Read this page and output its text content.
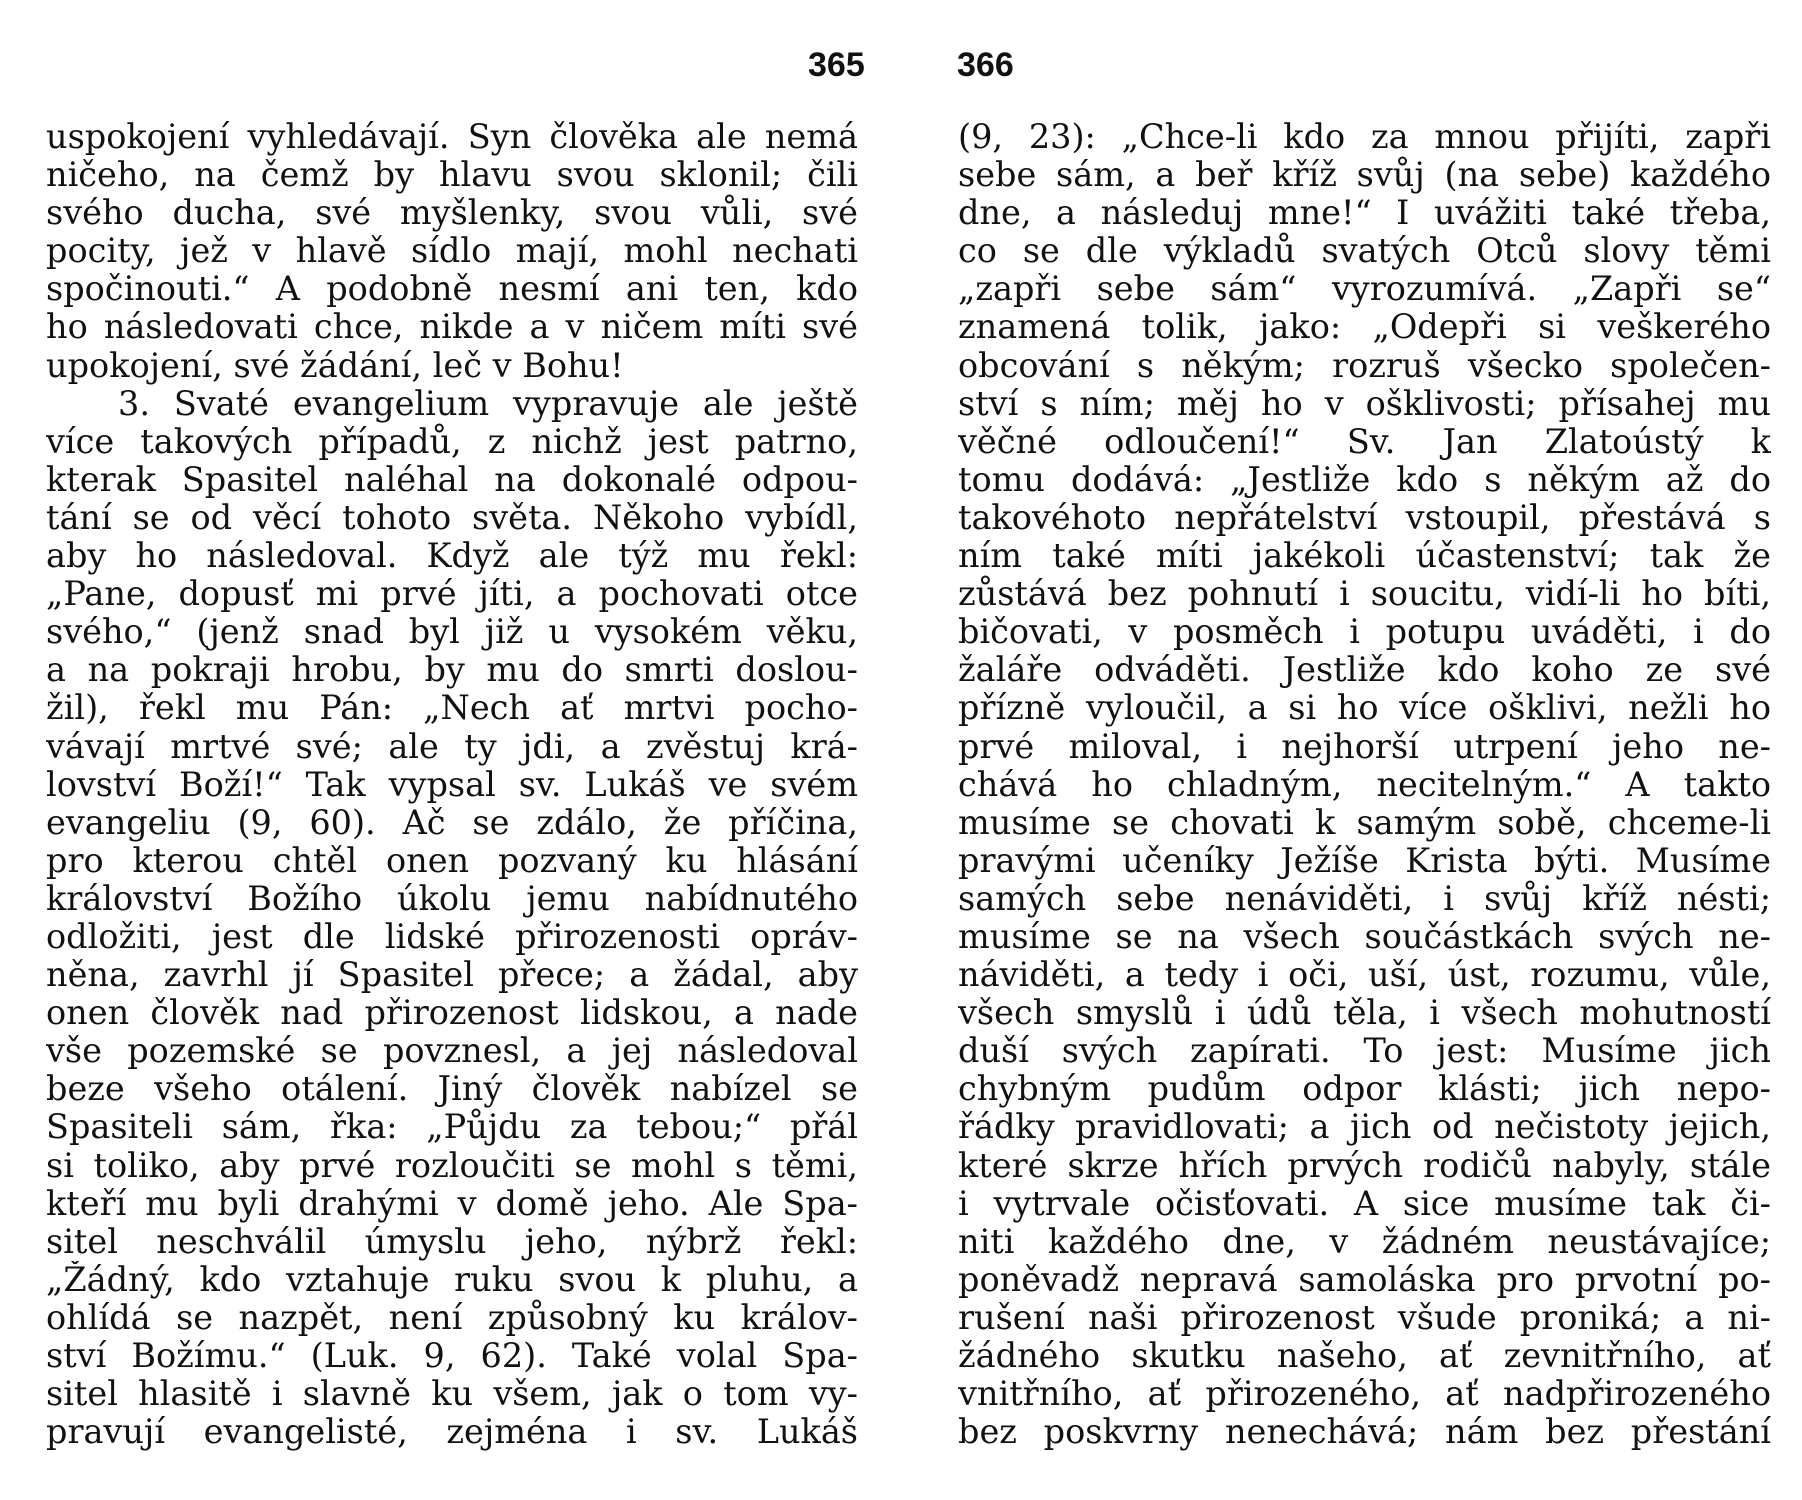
365
uspokojení vyhledávají. Syn člověka ale nemá
ničeho, na čemž by hlavu svou sklonil; čili
svého ducha, své myšlenky, svou vůli, své
pocity, jež v hlavě sídlo mají, mohl nechati
spočinouti.“ A podobně nesmí ani ten, kdo
ho následovati chce, nikde a v ničem míti své
upokojení, své žádání, leč v Bohu!
3. Svaté evangelium vypravuje ale ještě
více takových případů, z nichž jest patrno,
kterak Spasitel naléhal na dokonalé odpou-
tání se od věcí tohoto světa. Někoho vybídl,
aby ho následoval. Když ale týž mu řekl:
„Pane, dopusť mi prvé jíti, a pochovati otce
svého,“ (jenž snad byl již u vysokém věku,
a na pokraji hrobu, by mu do smrti doslou-
žil), řekl mu Pán: „Nech ať mrtvi pocho-
vávají mrtvé své; ale ty jdi, a zvěstuj krá-
lovství Boží!“ Tak vypsal sv. Lukáš ve svém
evangeliu (9, 60). Ač se zdálo, že příčina,
pro kterou chtěl onen pozvaný ku hlásání
království Božího úkolu jemu nabídnutého
odložiti, jest dle lidské přirozenosti opráv-
něna, zavrhl jí Spasitel přece; a žádal, aby
onen člověk nad přirozenost lidskou, a nade
vše pozemské se povznesl, a jej následoval
beze všeho otálení. Jiný člověk nabízel se
Spasiteli sám, řka: „Půjdu za tebou;“ přál
si toliko, aby prvé rozloučiti se mohl s těmi,
kteří mu byli drahými v domě jeho. Ale Spa-
sitel neschválil úmyslu jeho, nýbrž řekl:
„Žádný, kdo vztahuje ruku svou k pluhu, a
ohlídá se nazpět, není způsobný ku králov-
ství Božímu.“ (Luk. 9, 62). Také volal Spa-
sitel hlasitě i slavně ku všem, jak o tom vy-
pravují evangelisté, zejména i sv. Lukáš
366
(9, 23): „Chce-li kdo za mnou přijíti, zapři
sebe sám, a beř kříž svůj (na sebe) každého
dne, a následuj mne!“ I uvážiti také třeba,
co se dle výkladů svatých Otců slovy těmi
„zapři sebe sám“ vyrozumívá. „Zapři se“
znamená tolik, jako: „Odepři si veškerého
obcování s někým; rozruš všecko společen-
ství s ním; měj ho v ošklivosti; přísahej mu
věčné odloučení!“ Sv. Jan Zlatoústý k
tomu dodává: „Jestliže kdo s někým až do
takovéhoto nepřátelství vstoupil, přestává s
ním také míti jakékoli účastenství; tak že
zůstává bez pohnutí i soucitu, vidí-li ho bíti,
bičovati, v posměch i potupu uváděti, i do
žaláře odváděti. Jestliže kdo koho ze své
přízně vyloučil, a si ho více ošklivi, nežli ho
prvé miloval, i nejhorší utrpení jeho ne-
chává ho chladným, necitelným.“ A takto
musíme se chovati k samým sobě, chceme-li
pravými učeníky Ježíše Krista býti. Musíme
samých sebe nenáviděti, i svůj kříž nésti;
musíme se na všech součástkách svých ne-
náviděti, a tedy i oči, uší, úst, rozumu, vůle,
všech smyslů i údů těla, i všech mohutností
duší svých zapírati. To jest: Musíme jich
chybným pudům odpor klásti; jich nepo-
řádky pravidlovati; a jich od nečistoty jejich,
které skrze hřích prvých rodičů nabyly, stále
i vytrvale očisťovati. A sice musíme tak či-
niti každého dne, v žádném neustávajíce;
poněvadž nepravá samoláska pro prvotní po-
rušení naši přirozenost všude proniká; a ni-
žádného skutku našeho, ať zevnitřního, ať
vnitřního, ať přirozeného, ať nadpřirozeného
bez poskvrny nenechává; nám bez přestání
